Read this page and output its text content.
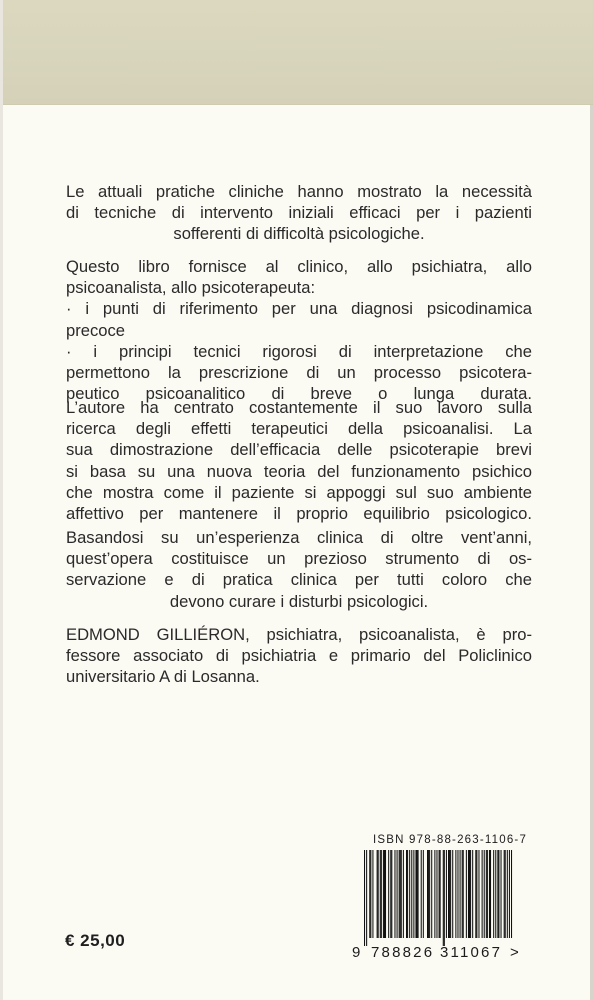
Le attuali pratiche cliniche hanno mostrato la necessità
di tecniche di intervento iniziali efficaci per i pazienti
sofferenti di difficoltà psicologiche.
Questo libro fornisce al clinico, allo psichiatra, allo
psicoanalista, allo psicoterapeuta:
· i punti di riferimento per una diagnosi psicodinamica
precoce
· i principi tecnici rigorosi di interpretazione che
permettono la prescrizione di un processo psicotera-
peutico psicoanalitico di breve o lunga durata.
L’autore ha centrato costantemente il suo lavoro sulla
ricerca degli effetti terapeutici della psicoanalisi. La
sua dimostrazione dell’efficacia delle psicoterapie brevi
si basa su una nuova teoria del funzionamento psichico
che mostra come il paziente si appoggi sul suo ambiente
affettivo per mantenere il proprio equilibrio psicologico.
Basandosi su un’esperienza clinica di oltre vent’anni,
quest’opera costituisce un prezioso strumento di os-
servazione e di pratica clinica per tutti coloro che
devono curare i disturbi psicologici.
EDMOND GILLIÉRON, psichiatra, psicoanalista, è pro-
fessore associato di psichiatria e primario del Policlinico
universitario A di Losanna.
€ 25,00
ISBN 978-88-263-1106-7
9 788826 311067 >
